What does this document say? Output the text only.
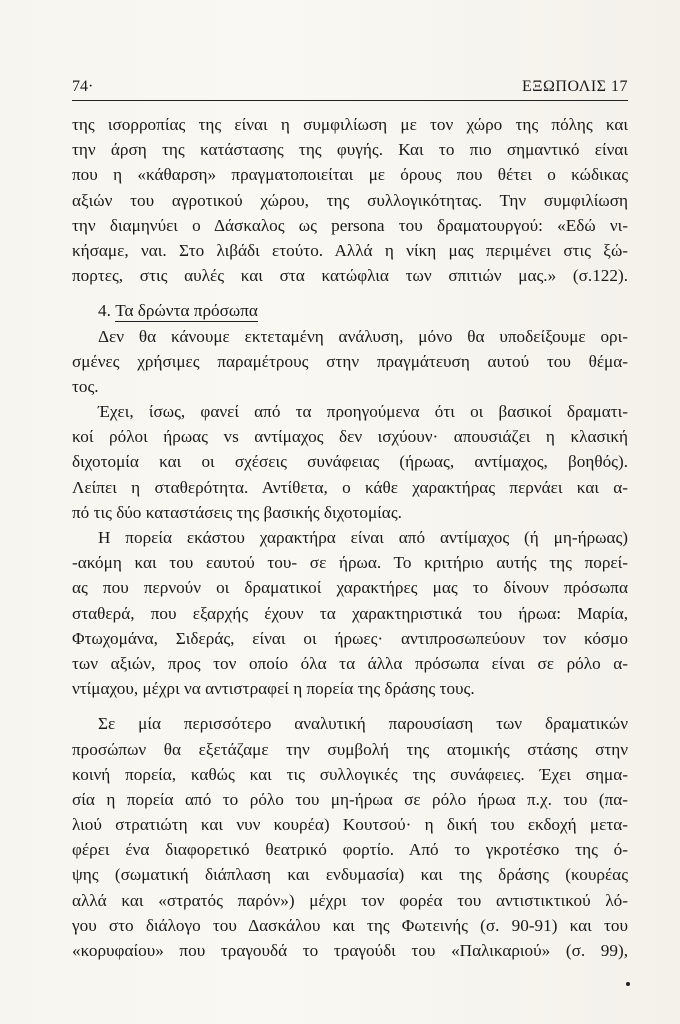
74·	ΕΞΩΠΟΛΙΣ 17
της ισορροπίας της είναι η συμφιλίωση με τον χώρο της πόλης και
την άρση της κατάστασης της φυγής. Και το πιο σημαντικό είναι
που η «κάθαρση» πραγματοποιείται με όρους που θέτει ο κώδικας
αξιών του αγροτικού χώρου, της συλλογικότητας. Την συμφιλίωση
την διαμηνύει ο Δάσκαλος ως persona του δραματουργού: «Εδώ νι-
κήσαμε, ναι. Στο λιβάδι ετούτο. Αλλά η νίκη μας περιμένει στις ξώ-
πορτες, στις αυλές και στα κατώφλια των σπιτιών μας.» (σ.122).
4. Τα δρώντα πρόσωπα
Δεν θα κάνουμε εκτεταμένη ανάλυση, μόνο θα υποδείξουμε ορι-
σμένες χρήσιμες παραμέτρους στην πραγμάτευση αυτού του θέμα-
τος.
Έχει, ίσως, φανεί από τα προηγούμενα ότι οι βασικοί δραματι-
κοί ρόλοι ήρωας vs αντίμαχος δεν ισχύουν· απουσιάζει η κλασική
διχοτομία και οι σχέσεις συνάφειας (ήρωας, αντίμαχος, βοηθός).
Λείπει η σταθερότητα. Αντίθετα, ο κάθε χαρακτήρας περνάει και α-
πό τις δύο καταστάσεις της βασικής διχοτομίας.
Η πορεία εκάστου χαρακτήρα είναι από αντίμαχος (ή μη-ήρωας)
-ακόμη και του εαυτού του- σε ήρωα. Το κριτήριο αυτής της πορεί-
ας που περνούν οι δραματικοί χαρακτήρες μας το δίνουν πρόσωπα
σταθερά, που εξαρχής έχουν τα χαρακτηριστικά του ήρωα: Μαρία,
Φτωχομάνα, Σιδεράς, είναι οι ήρωες· αντιπροσωπεύουν τον κόσμο
των αξιών, προς τον οποίο όλα τα άλλα πρόσωπα είναι σε ρόλο α-
ντίμαχου, μέχρι να αντιστραφεί η πορεία της δράσης τους.
Σε μία περισσότερο αναλυτική παρουσίαση των δραματικών
προσώπων θα εξετάζαμε την συμβολή της ατομικής στάσης στην
κοινή πορεία, καθώς και τις συλλογικές της συνάφειες. Έχει σημα-
σία η πορεία από το ρόλο του μη-ήρωα σε ρόλο ήρωα π.χ. του (πα-
λιού στρατιώτη και νυν κουρέα) Κουτσού· η δική του εκδοχή μετα-
φέρει ένα διαφορετικό θεατρικό φορτίο. Από το γκροτέσκο της ό-
ψης (σωματική διάπλαση και ενδυμασία) και της δράσης (κουρέας
αλλά και «στρατός παρόν») μέχρι τον φορέα του αντιστικτικού λό-
γου στο διάλογο του Δασκάλου και της Φωτεινής (σ. 90-91) και του
«κορυφαίου» που τραγουδά το τραγούδι του «Παλικαριού» (σ. 99),
